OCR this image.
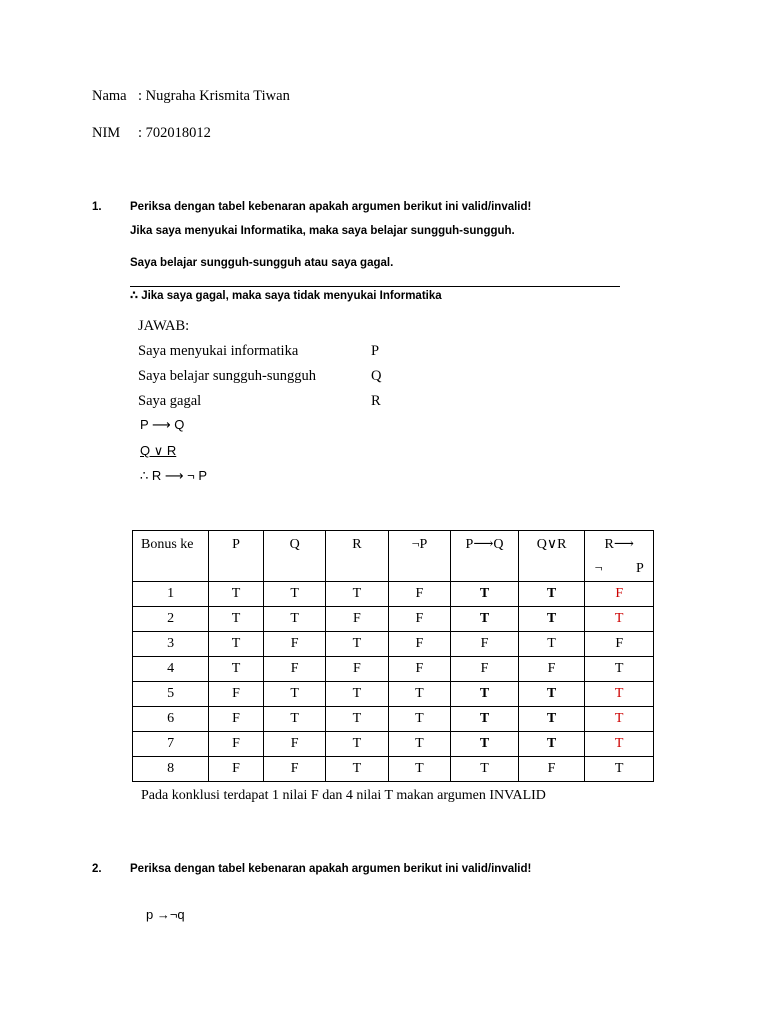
Nama : Nugraha Krismita Tiwan
NIM : 702018012
1. Periksa dengan tabel kebenaran apakah argumen berikut ini valid/invalid!
Jika saya menyukai Informatika, maka saya belajar sungguh-sungguh.
Saya belajar sungguh-sungguh atau saya gagal.
∴ Jika saya gagal, maka saya tidak menyukai Informatika
JAWAB:
Saya menyukai informatika	P
Saya belajar sungguh-sungguh	Q
Saya gagal	R
P ⟶ Q
Q ∨ R
∴ R ⟶ ¬ P
Bonus ke	P	Q	R	¬P	P⟶Q	Q∨R	R⟶ ¬ P
1	T	T	T	F	T	T	F
2	T	T	F	F	T	T	T
3	T	F	T	F	F	T	F
4	T	F	F	F	F	F	T
5	F	T	T	T	T	T	T
6	F	T	T	T	T	T	T
7	F	F	T	T	T	T	T
8	F	F	T	T	T	F	T
Pada konklusi terdapat 1 nilai F dan 4 nilai T makan argumen INVALID
2. Periksa dengan tabel kebenaran apakah argumen berikut ini valid/invalid!
p →¬q
